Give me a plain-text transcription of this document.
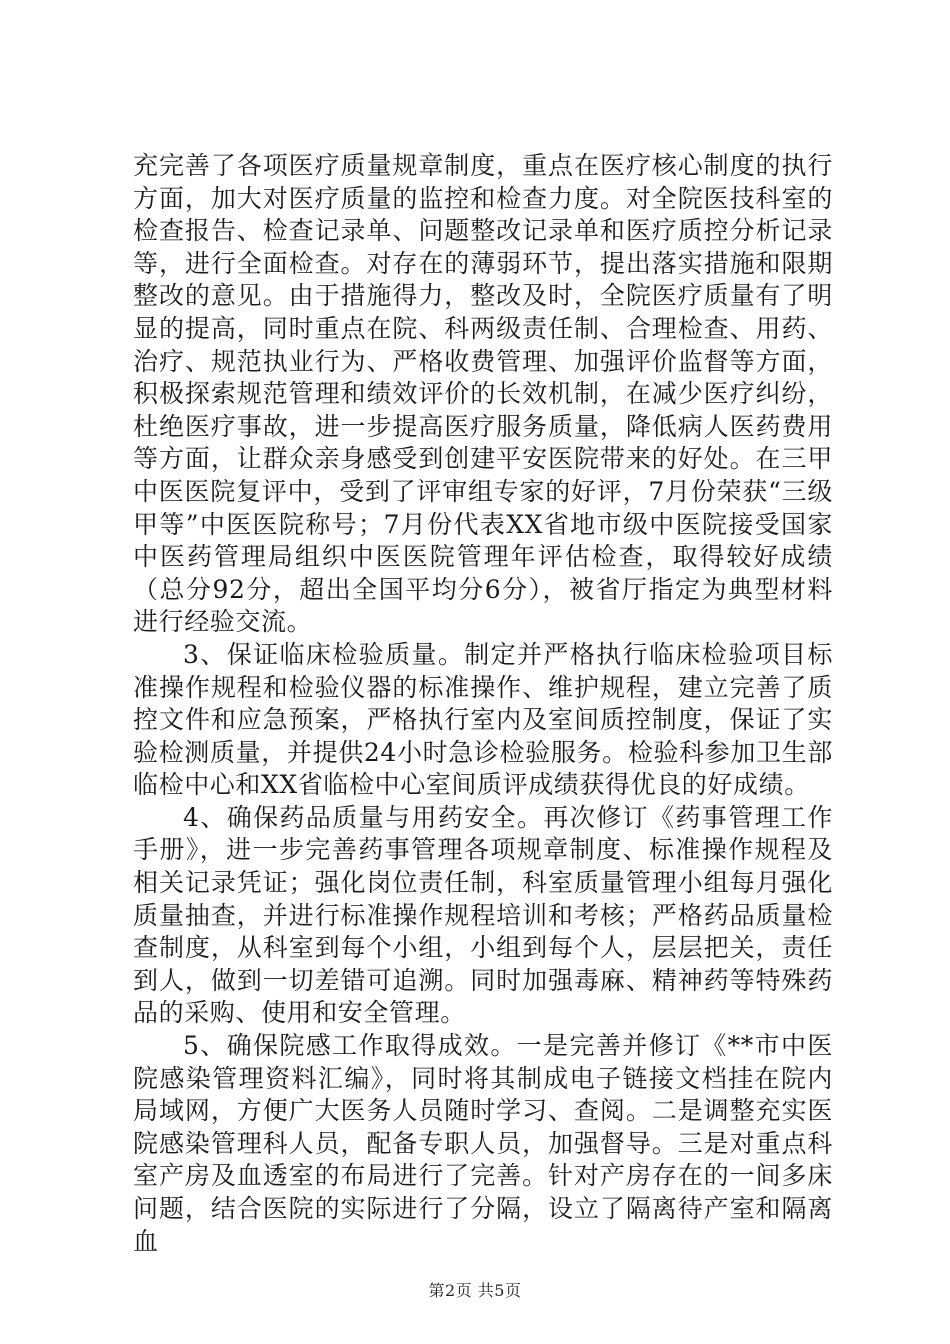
充完善了各项医疗质量规章制度，重点在医疗核心制度的执行方面，加大对医疗质量的监控和检查力度。对全院医技科室的检查报告、检查记录单、问题整改记录单和医疗质控分析记录等，进行全面检查。对存在的薄弱环节，提出落实措施和限期整改的意见。由于措施得力，整改及时，全院医疗质量有了明显的提高，同时重点在院、科两级责任制、合理检查、用药、治疗、规范执业行为、严格收费管理、加强评价监督等方面，积极探索规范管理和绩效评价的长效机制，在减少医疗纠纷，杜绝医疗事故，进一步提高医疗服务质量，降低病人医药费用等方面，让群众亲身感受到创建平安医院带来的好处。在三甲中医医院复评中，受到了评审组专家的好评，7月份荣获“三级甲等”中医医院称号；7月份代表XX省地市级中医院接受国家中医药管理局组织中医医院管理年评估检查，取得较好成绩（总分92分，超出全国平均分6分），被省厅指定为典型材料进行经验交流。

3、保证临床检验质量。制定并严格执行临床检验项目标准操作规程和检验仪器的标准操作、维护规程，建立完善了质控文件和应急预案，严格执行室内及室间质控制度，保证了实验检测质量，并提供24小时急诊检验服务。检验科参加卫生部临检中心和XX省临检中心室间质评成绩获得优良的好成绩。

4、确保药品质量与用药安全。再次修订《药事管理工作手册》，进一步完善药事管理各项规章制度、标准操作规程及相关记录凭证；强化岗位责任制，科室质量管理小组每月强化质量抽查，并进行标准操作规程培训和考核；严格药品质量检查制度，从科室到每个小组，小组到每个人，层层把关，责任到人，做到一切差错可追溯。同时加强毒麻、精神药等特殊药品的采购、使用和安全管理。

5、确保院感工作取得成效。一是完善并修订《**市中医院感染管理资料汇编》，同时将其制成电子链接文档挂在院内局域网，方便广大医务人员随时学习、查阅。二是调整充实医院感染管理科人员，配备专职人员，加强督导。三是对重点科室产房及血透室的布局进行了完善。针对产房存在的一间多床问题，结合医院的实际进行了分隔，设立了隔离待产室和隔离血

第2页 共5页
